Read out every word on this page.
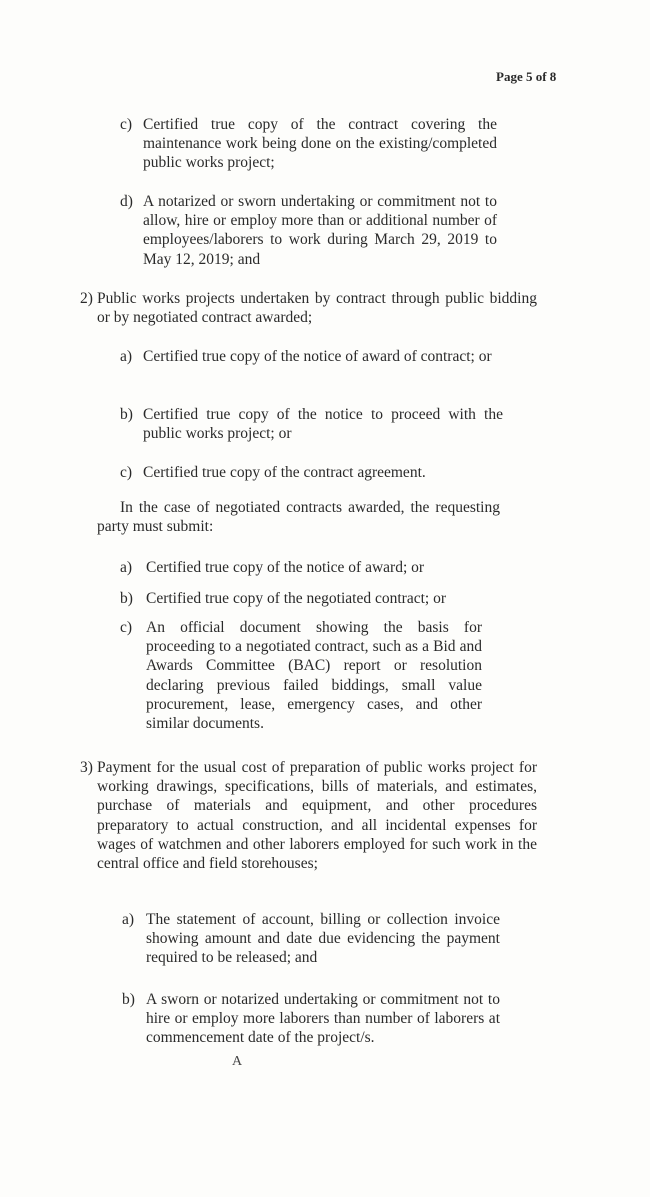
Page 5 of 8
c) Certified true copy of the contract covering the maintenance work being done on the existing/completed public works project;
d) A notarized or sworn undertaking or commitment not to allow, hire or employ more than or additional number of employees/laborers to work during March 29, 2019 to May 12, 2019; and
2) Public works projects undertaken by contract through public bidding or by negotiated contract awarded;
a) Certified true copy of the notice of award of contract; or
b) Certified true copy of the notice to proceed with the public works project; or
c) Certified true copy of the contract agreement.
In the case of negotiated contracts awarded, the requesting party must submit:
a) Certified true copy of the notice of award; or
b) Certified true copy of the negotiated contract; or
c) An official document showing the basis for proceeding to a negotiated contract, such as a Bid and Awards Committee (BAC) report or resolution declaring previous failed biddings, small value procurement, lease, emergency cases, and other similar documents.
3) Payment for the usual cost of preparation of public works project for working drawings, specifications, bills of materials, and estimates, purchase of materials and equipment, and other procedures preparatory to actual construction, and all incidental expenses for wages of watchmen and other laborers employed for such work in the central office and field storehouses;
a) The statement of account, billing or collection invoice showing amount and date due evidencing the payment required to be released; and
b) A sworn or notarized undertaking or commitment not to hire or employ more laborers than number of laborers at commencement date of the project/s.
A
